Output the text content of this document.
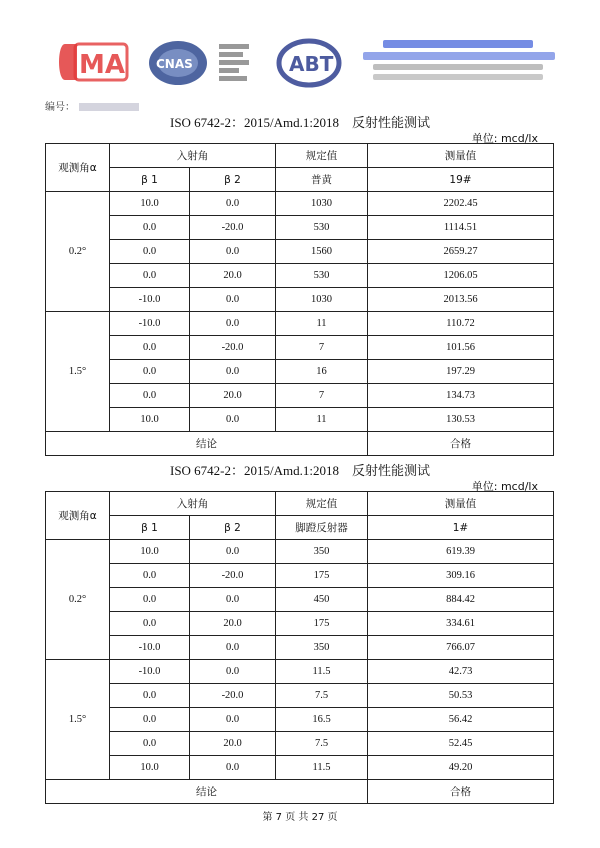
MA	CNAS	ABT
编号：
ISO 6742-2：2015/Amd.1:2018　反射性能测试
单位: mcd/lx
观测角α	入射角		规定值	测量值
	β 1	β 2	普黄	19#
0.2°	10.0	0.0	1030	2202.45
	0.0	-20.0	530	1114.51
	0.0	0.0	1560	2659.27
	0.0	20.0	530	1206.05
	-10.0	0.0	1030	2013.56
1.5°	-10.0	0.0	11	110.72
	0.0	-20.0	7	101.56
	0.0	0.0	16	197.29
	0.0	20.0	7	134.73
	10.0	0.0	11	130.53
结论				合格
ISO 6742-2：2015/Amd.1:2018　反射性能测试
单位: mcd/lx
观测角α	入射角		规定值	测量值
	β 1	β 2	脚蹬反射器	1#
0.2°	10.0	0.0	350	619.39
	0.0	-20.0	175	309.16
	0.0	0.0	450	884.42
	0.0	20.0	175	334.61
	-10.0	0.0	350	766.07
1.5°	-10.0	0.0	11.5	42.73
	0.0	-20.0	7.5	50.53
	0.0	0.0	16.5	56.42
	0.0	20.0	7.5	52.45
	10.0	0.0	11.5	49.20
结论				合格
第 7 页 共 27 页
